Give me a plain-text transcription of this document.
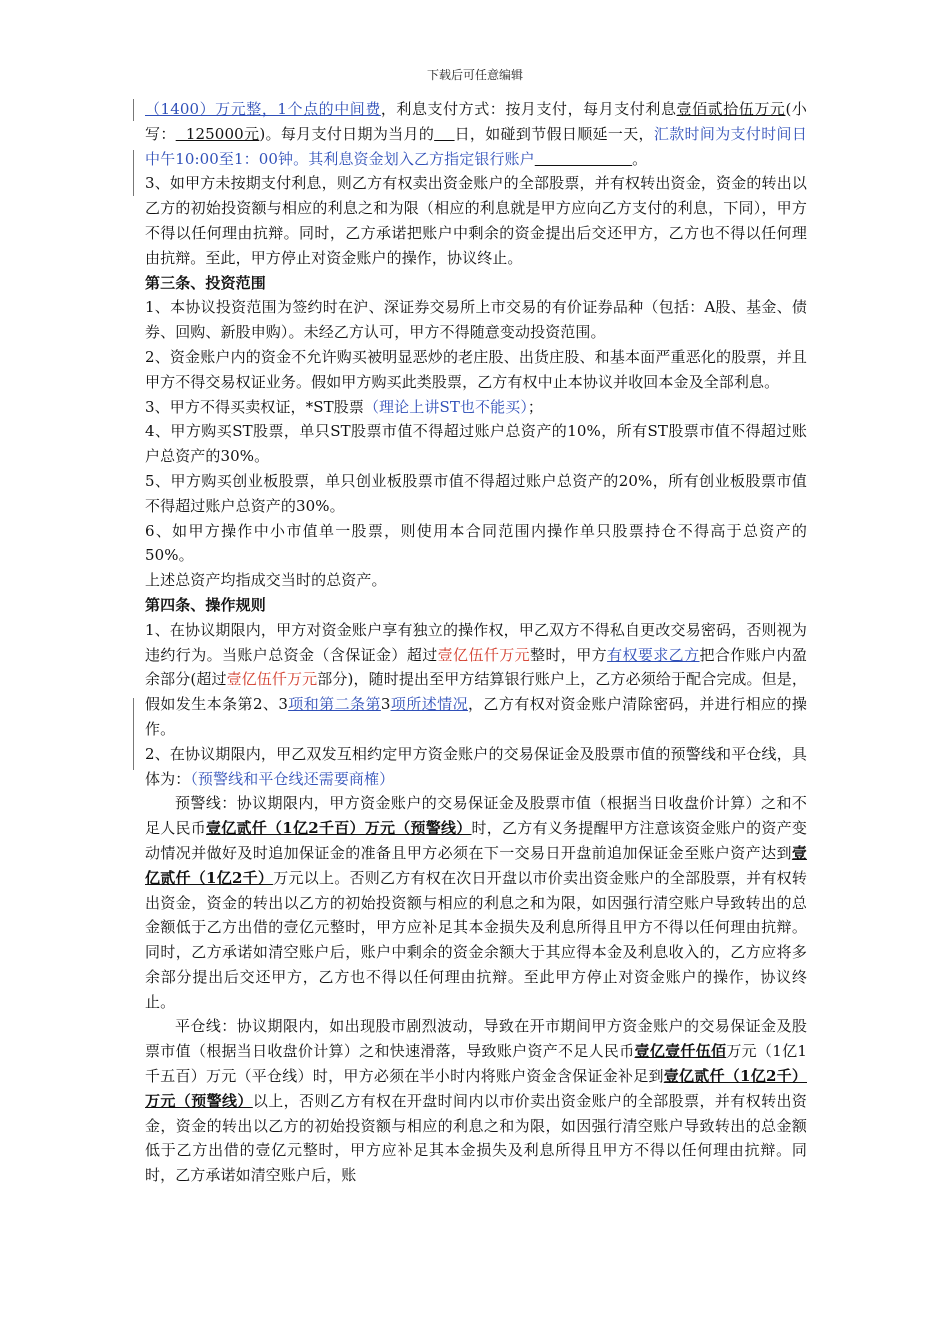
下载后可任意编辑

（1400）万元整，1个点的中间费，利息支付方式：按月支付，每月支付利息壹佰贰拾伍万元(小写：  125000元)。每月支付日期为当月的 日，如碰到节假日顺延一天，汇款时间为支付时间日中午10:00至1：00钟。其利息资金划入乙方指定银行账户	。

3、如甲方未按期支付利息，则乙方有权卖出资金账户的全部股票，并有权转出资金，资金的转出以乙方的初始投资额与相应的利息之和为限（相应的利息就是甲方应向乙方支付的利息，下同），甲方不得以任何理由抗辩。同时，乙方承诺把账户中剩余的资金提出后交还甲方，乙方也不得以任何理由抗辩。至此，甲方停止对资金账户的操作，协议终止。

第三条、投资范围

1、本协议投资范围为签约时在沪、深证券交易所上市交易的有价证券品种（包括：A股、基金、债券、回购、新股申购）。未经乙方认可，甲方不得随意变动投资范围。

2、资金账户内的资金不允许购买被明显恶炒的老庄股、出货庄股、和基本面严重恶化的股票，并且甲方不得交易权证业务。假如甲方购买此类股票，乙方有权中止本协议并收回本金及全部利息。

3、甲方不得买卖权证，*ST股票（理论上讲ST也不能买）；

4、甲方购买ST股票，单只ST股票市值不得超过账户总资产的10%，所有ST股票市值不得超过账户总资产的30%。

5、甲方购买创业板股票，单只创业板股票市值不得超过账户总资产的20%，所有创业板股票市值不得超过账户总资产的30%。

6、如甲方操作中小市值单一股票，则使用本合同范围内操作单只股票持仓不得高于总资产的50%。

上述总资产均指成交当时的总资产。

第四条、操作规则

1、在协议期限内，甲方对资金账户享有独立的操作权，甲乙双方不得私自更改交易密码，否则视为违约行为。当账户总资金（含保证金）超过壹亿伍仟万元整时，甲方有权要求乙方把合作账户内盈余部分(超过壹亿伍仟万元部分)，随时提出至甲方结算银行账户上，乙方必须给于配合完成。但是，假如发生本条第2、3项和第二条第3项所述情况，乙方有权对资金账户清除密码，并进行相应的操作。

2、在协议期限内，甲乙双发互相约定甲方资金账户的交易保证金及股票市值的预警线和平仓线，具体为：（预警线和平仓线还需要商榷）

预警线：协议期限内，甲方资金账户的交易保证金及股票市值（根据当日收盘价计算）之和不足人民币壹亿贰仟（1亿2千百）万元（预警线）时，乙方有义务提醒甲方注意该资金账户的资产变动情况并做好及时追加保证金的准备且甲方必须在下一交易日开盘前追加保证金至账户资产达到壹亿贰仟（1亿2千）万元以上。否则乙方有权在次日开盘以市价卖出资金账户的全部股票，并有权转出资金，资金的转出以乙方的初始投资额与相应的利息之和为限，如因强行清空账户导致转出的总金额低于乙方出借的壹亿元整时，甲方应补足其本金损失及利息所得且甲方不得以任何理由抗辩。同时，乙方承诺如清空账户后，账户中剩余的资金余额大于其应得本金及利息收入的，乙方应将多余部分提出后交还甲方，乙方也不得以任何理由抗辩。至此甲方停止对资金账户的操作，协议终止。

平仓线：协议期限内，如出现股市剧烈波动，导致在开市期间甲方资金账户的交易保证金及股票市值（根据当日收盘价计算）之和快速滑落，导致账户资产不足人民币壹亿壹仟伍佰万元（1亿1千五百）万元（平仓线）时，甲方必须在半小时内将账户资金含保证金补足到壹亿贰仟（1亿2千）万元（预警线）以上，否则乙方有权在开盘时间内以市价卖出资金账户的全部股票，并有权转出资金，资金的转出以乙方的初始投资额与相应的利息之和为限，如因强行清空账户导致转出的总金额低于乙方出借的壹亿元整时，甲方应补足其本金损失及利息所得且甲方不得以任何理由抗辩。同时，乙方承诺如清空账户后，账
